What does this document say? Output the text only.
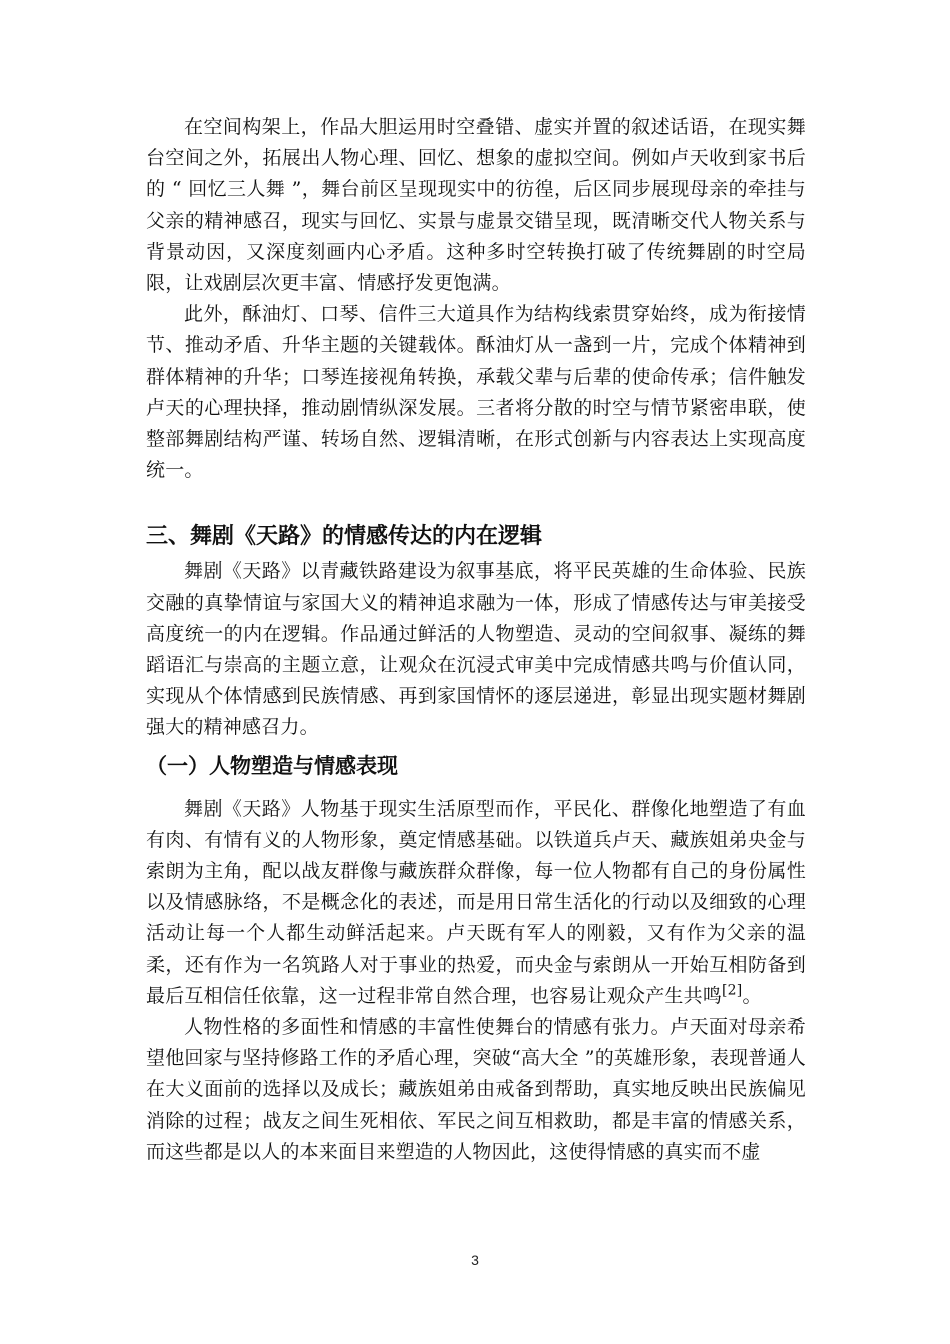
在空间构架上，作品大胆运用时空叠错、虚实并置的叙述话语，在现实舞台空间之外，拓展出人物心理、回忆、想象的虚拟空间。例如卢天收到家书后的 “ 回忆三人舞 ”，舞台前区呈现现实中的彷徨，后区同步展现母亲的牵挂与父亲的精神感召，现实与回忆、实景与虚景交错呈现，既清晰交代人物关系与背景动因，又深度刻画内心矛盾。这种多时空转换打破了传统舞剧的时空局限，让戏剧层次更丰富、情感抒发更饱满。

此外，酥油灯、口琴、信件三大道具作为结构线索贯穿始终，成为衔接情节、推动矛盾、升华主题的关键载体。酥油灯从一盏到一片，完成个体精神到群体精神的升华；口琴连接视角转换，承载父辈与后辈的使命传承；信件触发卢天的心理抉择，推动剧情纵深发展。三者将分散的时空与情节紧密串联，使整部舞剧结构严谨、转场自然、逻辑清晰，在形式创新与内容表达上实现高度统一。

三、舞剧《天路》的情感传达的内在逻辑

舞剧《天路》以青藏铁路建设为叙事基底，将平民英雄的生命体验、民族交融的真挚情谊与家国大义的精神追求融为一体，形成了情感传达与审美接受高度统一的内在逻辑。作品通过鲜活的人物塑造、灵动的空间叙事、凝练的舞蹈语汇与崇高的主题立意，让观众在沉浸式审美中完成情感共鸣与价值认同，实现从个体情感到民族情感、再到家国情怀的逐层递进，彰显出现实题材舞剧强大的精神感召力。

（一）人物塑造与情感表现

舞剧《天路》人物基于现实生活原型而作，平民化、群像化地塑造了有血有肉、有情有义的人物形象，奠定情感基础。以铁道兵卢天、藏族姐弟央金与索朗为主角，配以战友群像与藏族群众群像，每一位人物都有自己的身份属性以及情感脉络，不是概念化的表述，而是用日常生活化的行动以及细致的心理活动让每一个人都生动鲜活起来。卢天既有军人的刚毅，又有作为父亲的温柔，还有作为一名筑路人对于事业的热爱，而央金与索朗从一开始互相防备到最后互相信任依靠，这一过程非常自然合理，也容易让观众产生共鸣[2]。

人物性格的多面性和情感的丰富性使舞台的情感有张力。卢天面对母亲希望他回家与坚持修路工作的矛盾心理，突破“高大全 ”的英雄形象，表现普通人在大义面前的选择以及成长；藏族姐弟由戒备到帮助，真实地反映出民族偏见消除的过程；战友之间生死相依、军民之间互相救助，都是丰富的情感关系，而这些都是以人的本来面目来塑造的人物因此，这使得情感的真实而不虚

3
